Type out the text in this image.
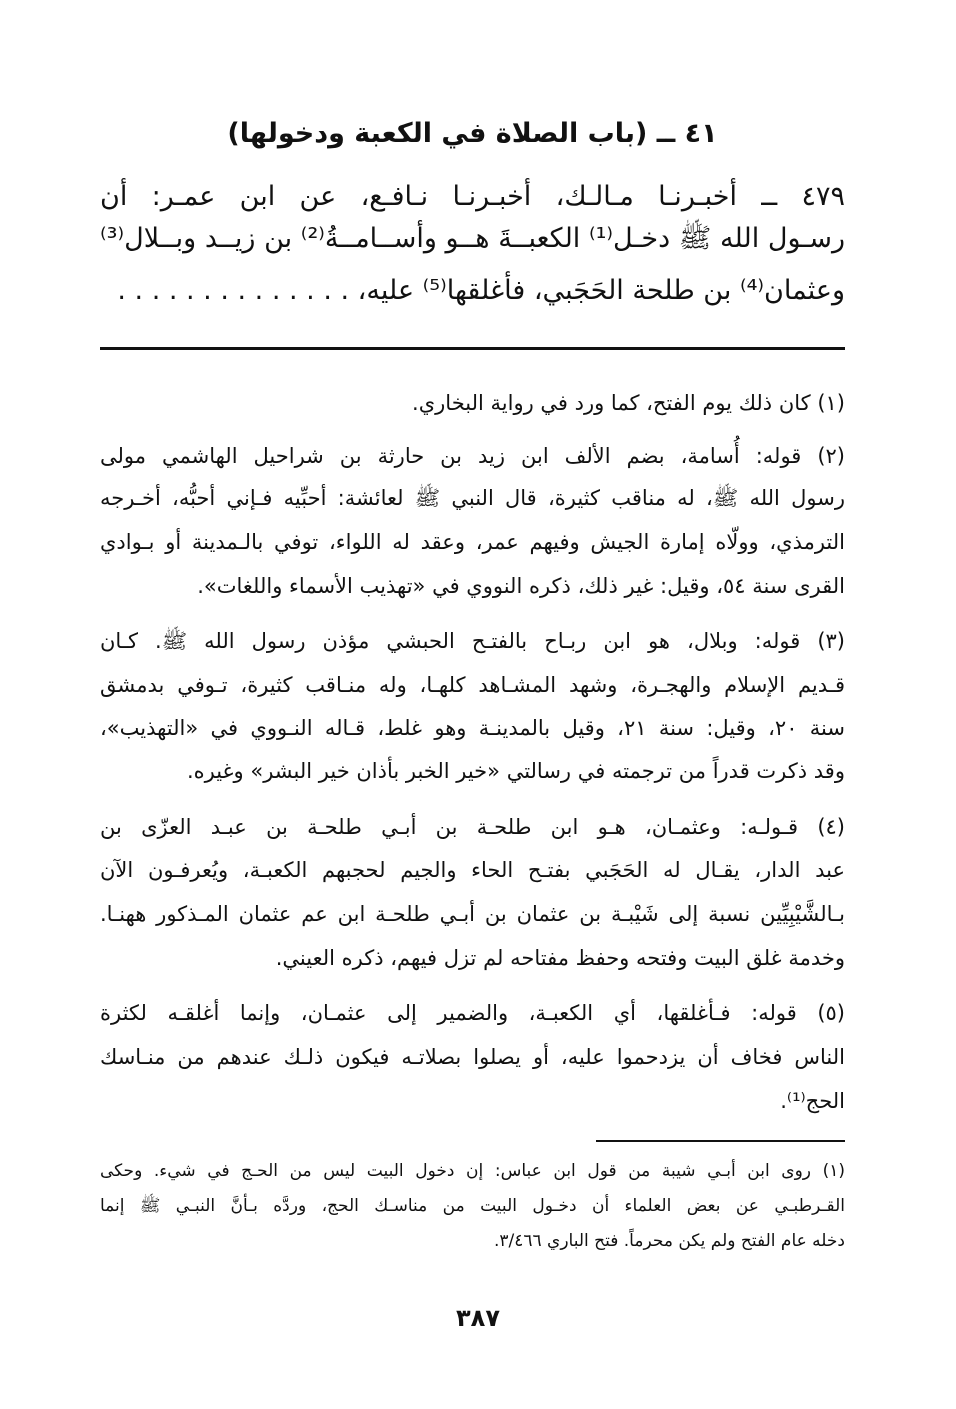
٤١ ــ (باب الصلاة في الكعبة ودخولها)
٤٧٩ ــ أخبـرنـا مـالـك، أخبـرنـا نـافـع، عن ابن عمـر: أن
رسـول الله ﷺ دخـل⁽¹⁾ الكعبــةَ هــو وأســامــةُ⁽²⁾ بن زيــد وبــلال⁽³⁾
وعثمان⁽⁴⁾ بن طلحة الحَجَبي، فأغلقها⁽⁵⁾ عليه، . . . . . . . . . . . . . .
(١) كان ذلك يوم الفتح، كما ورد في رواية البخاري.
(٢) قوله: أُسامة، بضم الألف ابن زيد بن حارثة بن شراحيل الهاشمي مولى
رسول الله ﷺ، له مناقب كثيرة، قال النبي ﷺ لعائشة: أحبِّيه فـإني أحبُّه، أخـرجه
الترمذي، وولّاه إمارة الجيش وفيهم عمر، وعقد له اللواء، توفي بالـمدينة أو بـوادي
القرى سنة ٥٤، وقيل: غير ذلك، ذكره النووي في «تهذيب الأسماء واللغات».
(٣) قوله: وبلال، هو ابن ربـاح بالفتـح الحبشي مؤذن رسول الله ﷺ. كـان
قـديم الإسلام والهجـرة، وشهد المشـاهد كلهـا، وله منـاقب كثيرة، تـوفي بدمشق
سنة ٢٠، وقيل: سنة ٢١، وقيل بالمدينـة وهو غلط، قـاله النـووي في «التهذيب»،
وقد ذكرت قدراً من ترجمته في رسالتي «خير الخبر بأذان خير البشر» وغيره.
(٤) قـولـه: وعثمـان، هـو ابن طلحـة بن أبـي طلحـة بن عبـد العزّى بن
عبد الدار، يقـال له الحَجَبي بفتـح الحاء والجيم لحجبهم الكعبـة، ويُعرفـون الآن
بـالشَّيْبِيِّين نسبة إلى شَيْبـة بن عثمان بن أبـي طلحـة ابن عم عثمان المـذكور ههنـا.
وخدمة غلق البيت وفتحه وحفظ مفتاحه لم تزل فيهم، ذكره العيني.
(٥) قوله: فـأغلقها، أي الكعبـة، والضمير إلى عثمـان، وإنما أغلقـه لكثرة
الناس فخاف أن يزدحموا عليه، أو يصلوا بصلاتـه فيكون ذلـك عندهم من منـاسك
الحج⁽¹⁾.
(١) روى ابن أبـي شيبة من قول ابن عباس: إن دخول البيت ليس من الحـج في شيء. وحكى
القـرطبـي عن بعض العلماء أن دخـول البيت من مناسـك الحج، وردَّه بـأنَّ النبـي ﷺ إنما
دخله عام الفتح ولم يكن محرماً. فتح الباري ٣/٤٦٦.
٣٨٧
